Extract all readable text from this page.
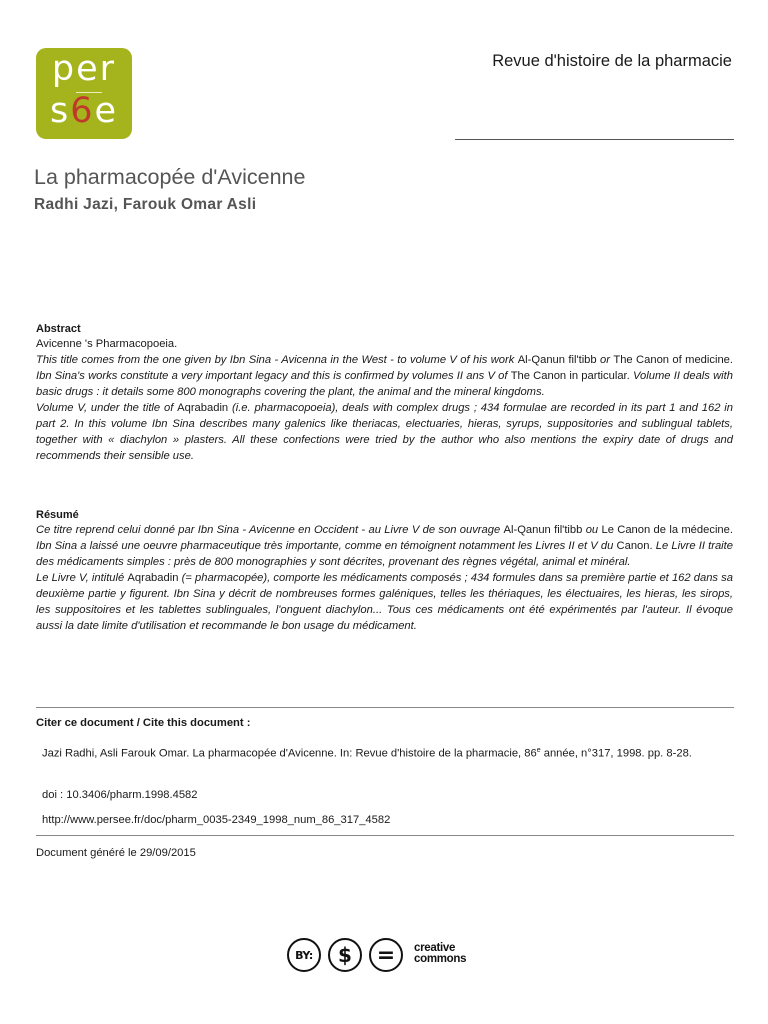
per
s6e
Revue d'histoire de la pharmacie
La pharmacopée d'Avicenne
Radhi Jazi, Farouk Omar Asli
Abstract
Avicenne 's Pharmacopoeia.
This title comes from the one given by Ibn Sina - Avicenna in the West - to volume V of his work Al-Qanun fil'tibb or The Canon of medicine. Ibn Sina's works constitute a very important legacy and this is confirmed by volumes II ans V of The Canon in particular. Volume II deals with basic drugs : it details some 800 monographs covering the plant, the animal and the mineral kingdoms.
Volume V, under the title of Aqrabadin (i.e. pharmacopoeia), deals with complex drugs ; 434 formulae are recorded in its part 1 and 162 in part 2. In this volume Ibn Sina describes many galenics like theriacas, electuaries, hieras, syrups, suppositories and sublingual tablets, together with « diachylon » plasters. All these confections were tried by the author who also mentions the expiry date of drugs and recommends their sensible use.
Résumé
Ce titre reprend celui donné par Ibn Sina - Avicenne en Occident - au Livre V de son ouvrage Al-Qanun fil'tibb ou Le Canon de la médecine. Ibn Sina a laissé une oeuvre pharmaceutique très importante, comme en témoignent notamment les Livres II et V du Canon. Le Livre II traite des médicaments simples : près de 800 monographies y sont décrites, provenant des règnes végétal, animal et minéral.
Le Livre V, intitulé Aqrabadin (= pharmacopée), comporte les médicaments composés ; 434 formules dans sa première partie et 162 dans sa deuxième partie y figurent. Ibn Sina y décrit de nombreuses formes galéniques, telles les thériaques, les électuaires, les hieras, les sirops, les suppositoires et les tablettes sublinguales, l'onguent diachylon... Tous ces médicaments ont été expérimentés par l'auteur. Il évoque aussi la date limite d'utilisation et recommande le bon usage du médicament.
Citer ce document / Cite this document :
Jazi Radhi, Asli Farouk Omar. La pharmacopée d'Avicenne. In: Revue d'histoire de la pharmacie, 86e année, n°317, 1998. pp. 8-28.
doi : 10.3406/pharm.1998.4582
http://www.persee.fr/doc/pharm_0035-2349_1998_num_86_317_4582
Document généré le 29/09/2015
BY:	$	=	creative
commons
